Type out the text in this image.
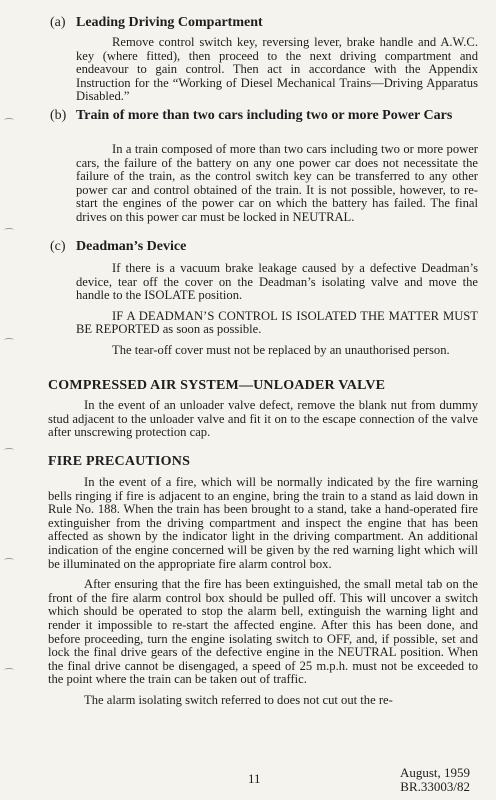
(a) Leading Driving Compartment
Remove control switch key, reversing lever, brake handle and A.W.C. key (where fitted), then proceed to the next driving compartment and endeavour to gain control. Then act in accordance with the Appendix Instruction for the “Working of Diesel Mechanical Trains—Driving Apparatus Disabled.”
(b) Train of more than two cars including two or more Power Cars
In a train composed of more than two cars including two or more power cars, the failure of the battery on any one power car does not necessitate the failure of the train, as the control switch key can be transferred to any other power car and control obtained of the train. It is not possible, however, to re-start the engines of the power car on which the battery has failed. The final drives on this power car must be locked in NEUTRAL.
(c) Deadman’s Device
If there is a vacuum brake leakage caused by a defective Deadman’s device, tear off the cover on the Deadman’s isolating valve and move the handle to the ISOLATE position.
IF A DEADMAN’S CONTROL IS ISOLATED THE MATTER MUST BE REPORTED as soon as possible.
The tear-off cover must not be replaced by an unauthorised person.
COMPRESSED AIR SYSTEM—UNLOADER VALVE
In the event of an unloader valve defect, remove the blank nut from dummy stud adjacent to the unloader valve and fit it on to the escape connection of the valve after unscrewing protection cap.
FIRE PRECAUTIONS
In the event of a fire, which will be normally indicated by the fire warning bells ringing if fire is adjacent to an engine, bring the train to a stand as laid down in Rule No. 188. When the train has been brought to a stand, take a hand-operated fire extinguisher from the driving compartment and inspect the engine that has been affected as shown by the indicator light in the driving compartment. An additional indication of the engine concerned will be given by the red warning light which will be illuminated on the appropriate fire alarm control box.
After ensuring that the fire has been extinguished, the small metal tab on the front of the fire alarm control box should be pulled off. This will uncover a switch which should be operated to stop the alarm bell, extinguish the warning light and render it impossible to re-start the affected engine. After this has been done, and before proceeding, turn the engine isolating switch to OFF, and, if possible, set and lock the final drive gears of the defective engine in the NEUTRAL position. When the final drive cannot be disengaged, a speed of 25 m.p.h. must not be exceeded to the point where the train can be taken out of traffic.
The alarm isolating switch referred to does not cut out the re-
11	August, 1959
BR.33003/82
